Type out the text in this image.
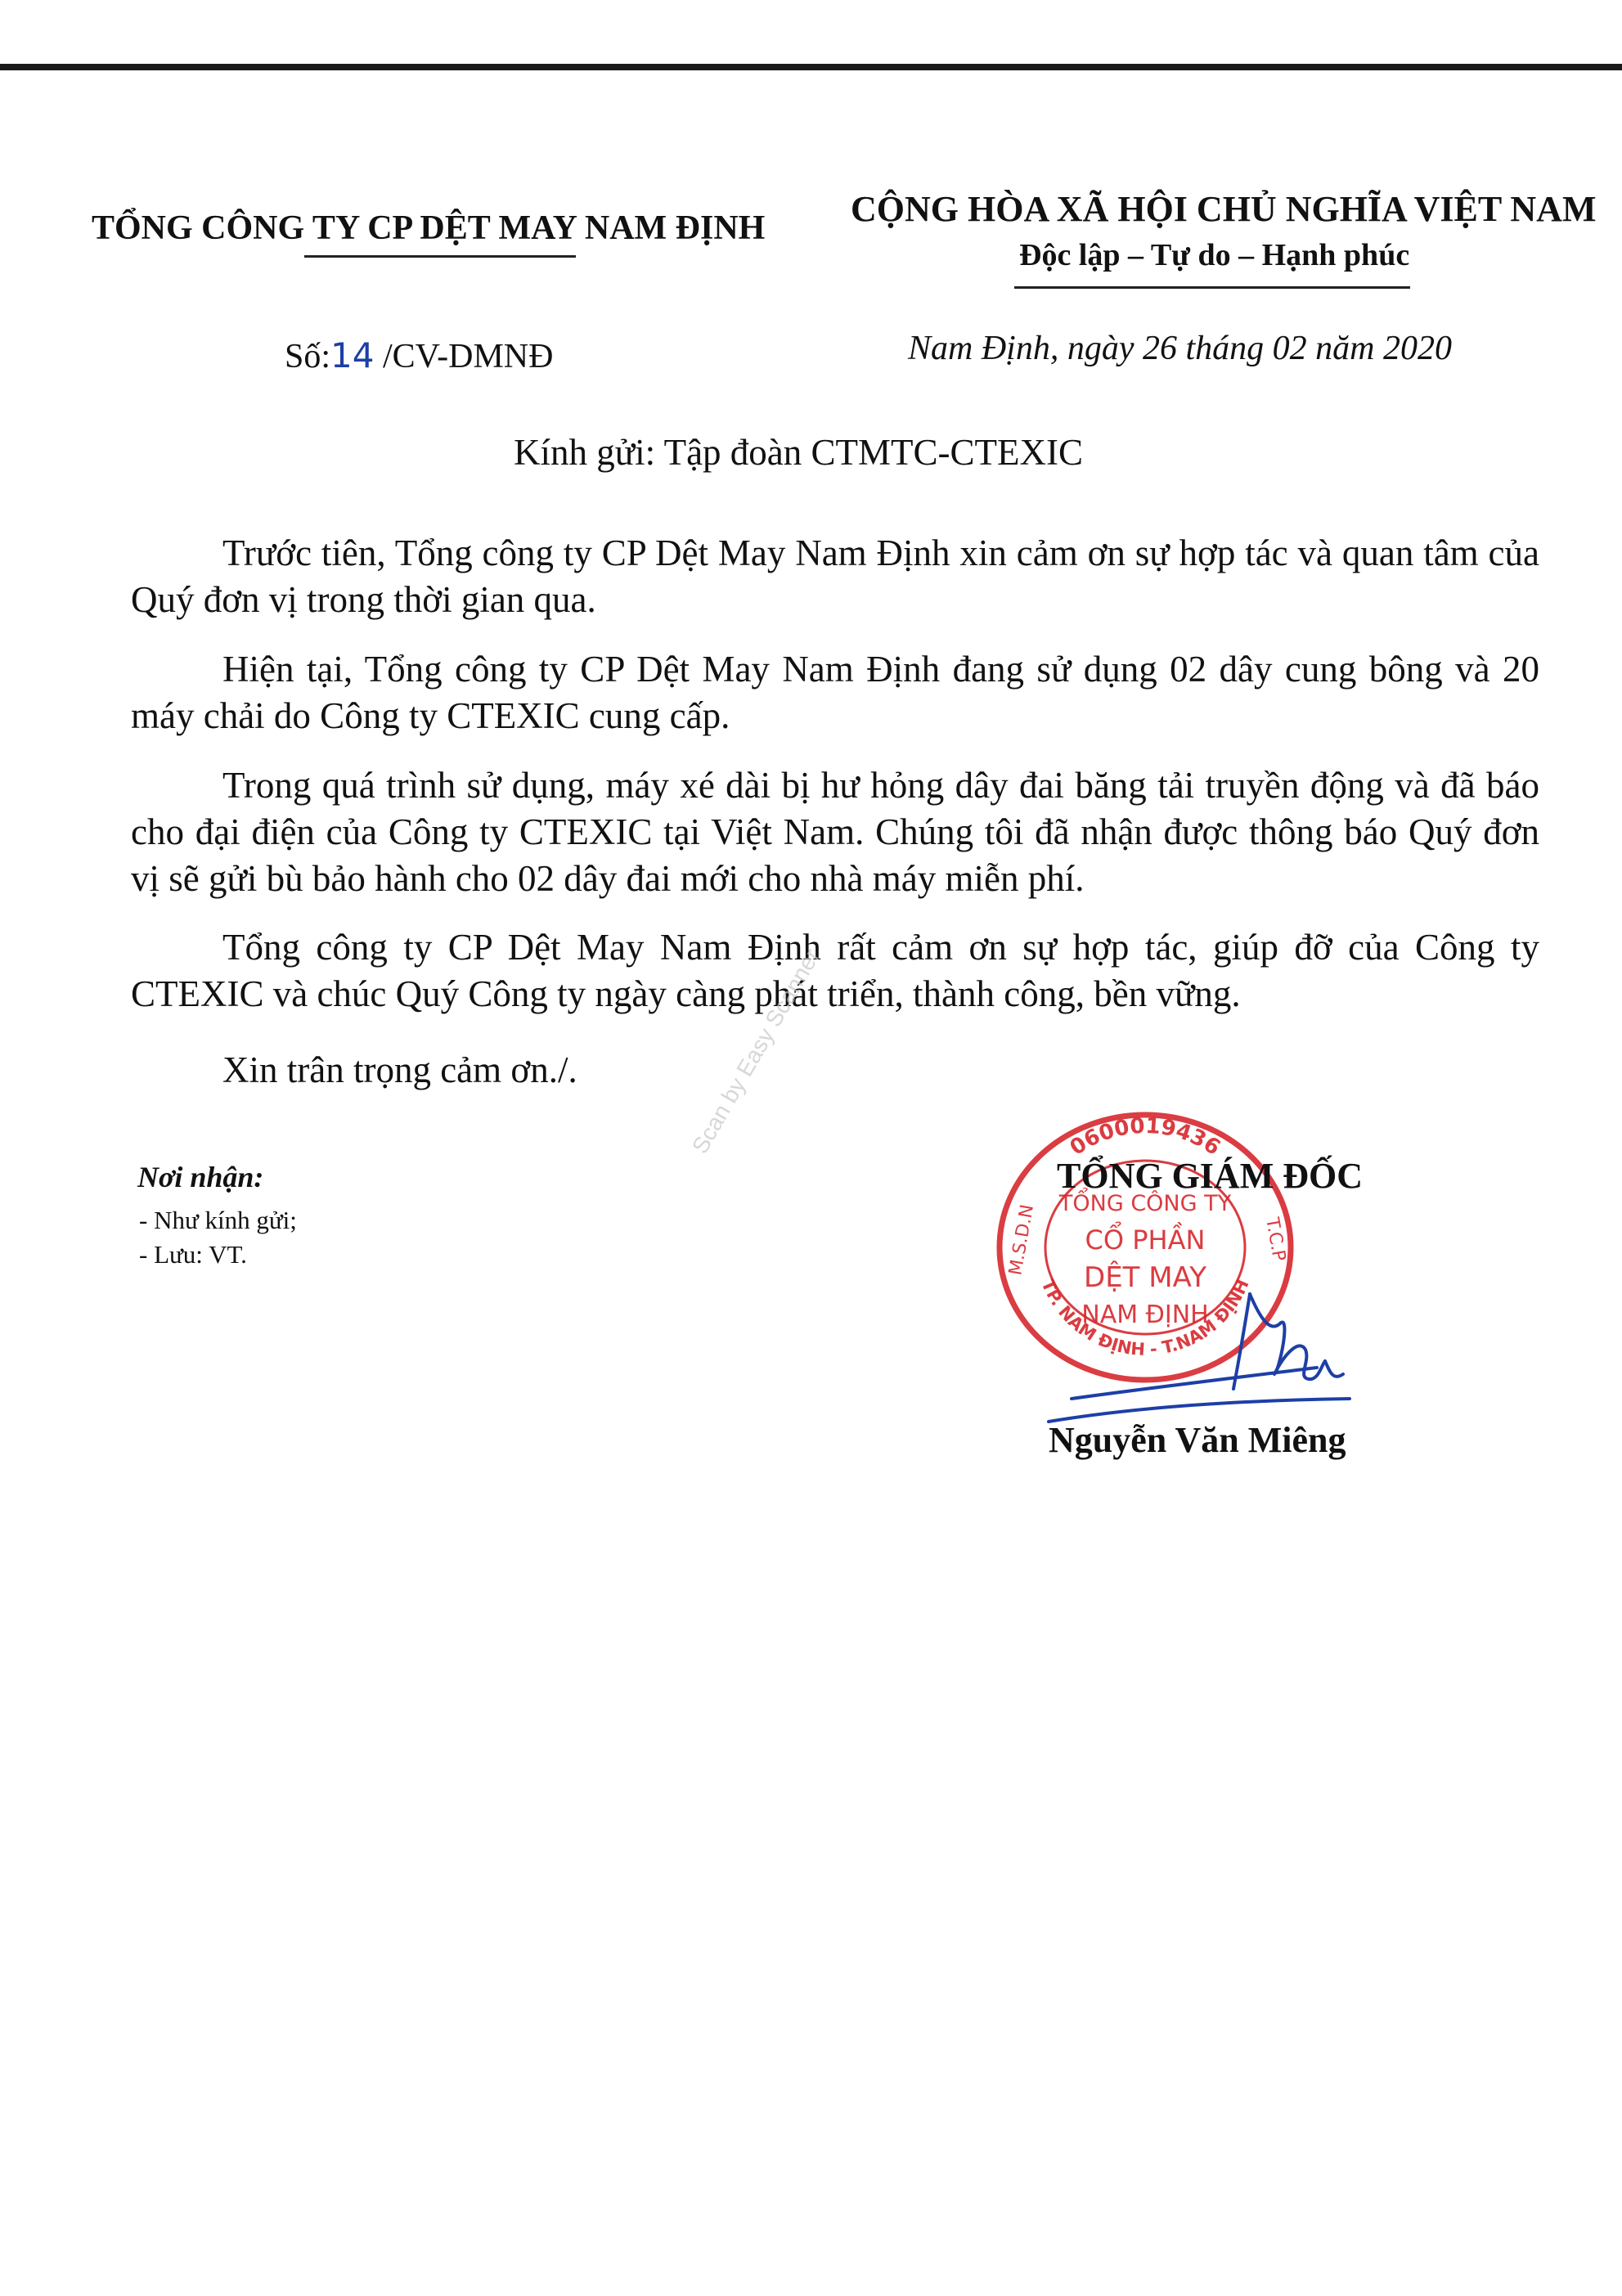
TỔNG CÔNG TY CP DỆT MAY NAM ĐỊNH CỘNG HÒA XÃ HỘI CHỦ NGHĨA VIỆT NAM
Độc lập – Tự do – Hạnh phúc
Số:14 /CV-DMNĐ	Nam Định, ngày 26 tháng 02 năm 2020
Kính gửi: Tập đoàn CTMTC-CTEXIC
Trước tiên, Tổng công ty CP Dệt May Nam Định xin cảm ơn sự hợp tác và quan tâm của Quý đơn vị trong thời gian qua.
Hiện tại, Tổng công ty CP Dệt May Nam Định đang sử dụng 02 dây cung bông và 20 máy chải do Công ty CTEXIC cung cấp.
Trong quá trình sử dụng, máy xé dài bị hư hỏng dây đai băng tải truyền động và đã báo cho đại điện của Công ty CTEXIC tại Việt Nam. Chúng tôi đã nhận được thông báo Quý đơn vị sẽ gửi bù bảo hành cho 02 dây đai mới cho nhà máy miễn phí.
Tổng công ty CP Dệt May Nam Định rất cảm ơn sự hợp tác, giúp đỡ của Công ty CTEXIC và chúc Quý Công ty ngày càng phát triển, thành công, bền vững.
Xin trân trọng cảm ơn./.	Scan by Easy Scanner
Nơi nhận:
- Như kính gửi;
- Lưu: VT.
0600019436
M.S.D.N	T.C.P
TP. NAM ĐỊNH - T.NAM ĐỊNH
TỔNG CÔNG TY
CỔ PHẦN
DỆT MAY
NAM ĐỊNH
TỔNG GIÁM ĐỐC
Nguyễn Văn Miêng
